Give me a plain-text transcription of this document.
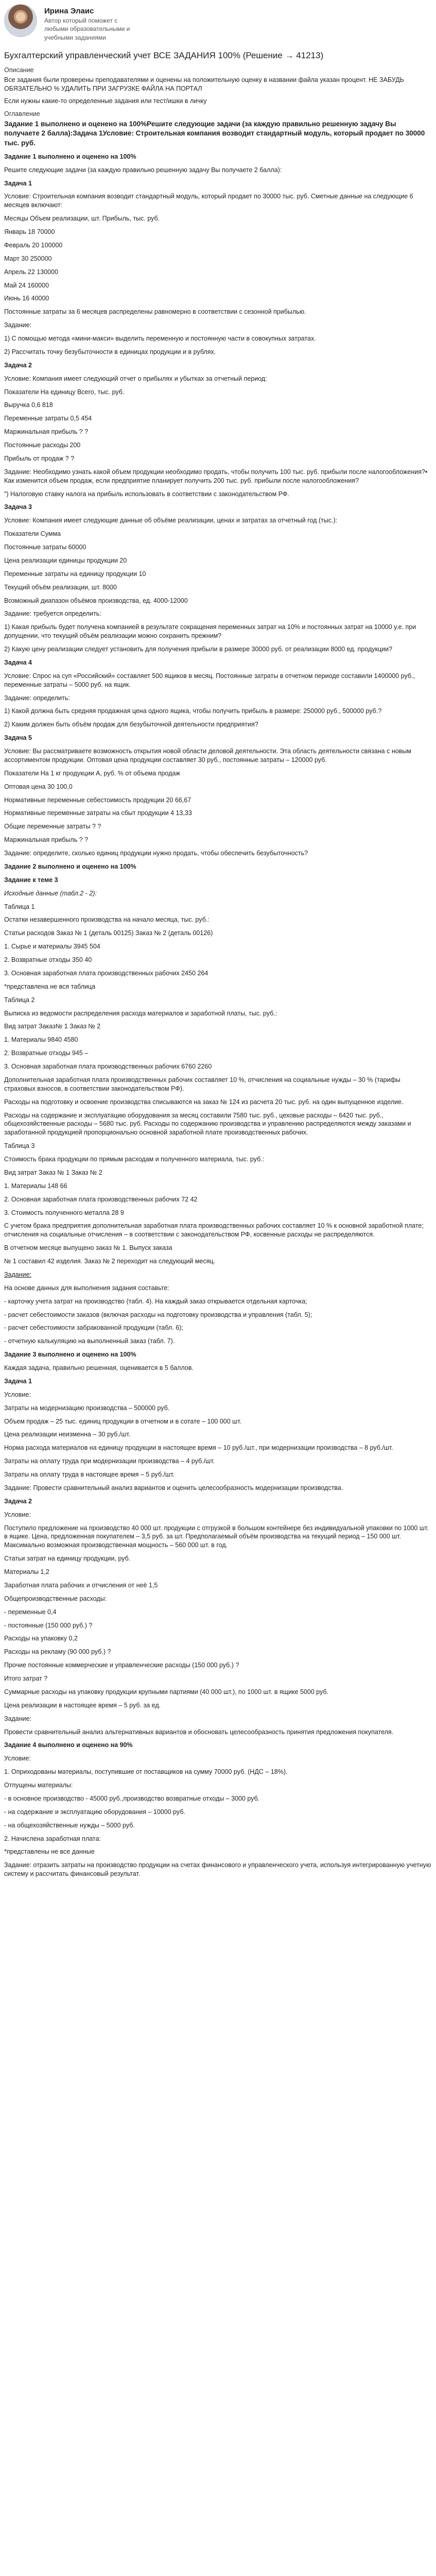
Ирина Элаис
Автор который поможет с любыми образовательными и учебными заданиями
Бухгалтерский управленческий учет ВСЕ ЗАДАНИЯ 100% (Решение → 41213)
Описание
Все задания были проверены преподавателями и оценены на положительную оценку в названии файла указан процент. НЕ ЗАБУДЬ ОБЯЗАТЕЛЬНО % УДАЛИТЬ ПРИ ЗАГРУЗКЕ ФАЙЛА НА ПОРТАЛ
Если нужны какие-то определенные задания или тест/ишки в личку
Оглавление

Задание 1 выполнено и оценено на 100%Решите следующие задачи (за каждую правильно решенную задачу Вы получаете 2 балла):Задача 1Условие: Строительная компания возводит стандартный модуль, который продает по 30000 тыс. руб.

Задание 1 выполнено и оценено на 100%

Решите следующие задачи (за каждую правильно решенную задачу Вы получаете 2 балла):

Задача 1

Условие: Строительная компания возводит стандартный модуль, который продает по 30000 тыс. руб. Сметные данные на следующие 6 месяцев включают:

Месяцы Объем реализации, шт. Прибыль, тыс. руб.

Январь 18 70000

Февраль 20 100000

Март 30 250000

Апрель 22 130000

Май 24 160000

Июнь 16 40000

Постоянные затраты за 6 месяцев распределены равномерно в соответствии с сезонной прибылью.

Задание:

1) С помощью метода «мини-макси» выделить переменную и постоянную части в совокупных затратах.

2) Рассчитать точку безубыточности в единицах продукции и в рублях.

Задача 2

Условие: Компания имеет следующий отчет о прибылях и убытках за отчетный период:

Показатели На единицу Всего, тыс. руб.

Выручка 0,6 818

Переменные затраты 0,5 454

Маржинальная прибыль ? ?

Постоянные расходы 200

Прибыль от продаж ? ?

Задание: Необходимо узнать какой объем продукции необходимо продать, чтобы получить 100 тыс. руб. прибыли после налогообложения?• Как изменится объем продаж, если предприятие планирует получить 200 тыс. руб. прибыли после налогообложения?

") Налоговую ставку налога на прибыль использовать в соответствии с законодательством РФ.

Задача 3

Условие: Компания имеет следующие данные об объёме реализации, ценах и затратах за отчетный год (тыс.):

Показатели Сумма

Постоянные затраты 60000

Цена реализации единицы продукции 20

Переменные затраты на единицу продукции 10

Текущий объём реализации, шт. 8000

Возможный диапазон объёмов производства, ед. 4000-12000

Задание: требуется определить:

1) Какая прибыль будет получена компанией в результате сокращения переменных затрат на 10% и постоянных затрат на 10000 у.е. при допущении, что текущий объём реализации можно сохранить прежним?

2) Какую цену реализации следует установить для получения прибыли в размере 30000 руб. от реализации 8000 ед. продукции?

Задача 4

Условие: Спрос на суп «Российский» составляет 500 ящиков в месяц. Постоянные затраты в отчетном периоде составили 1400000 руб., переменные затраты – 5000 руб. на ящик.

Задание: определить:

1) Какой должна быть средняя продажная цена одного ящика, чтобы получить прибыль в размере: 250000 руб., 500000 руб.?

2) Каким должен быть объём продаж для безубыточной деятельности предприятия?

Задача 5

Условие: Вы рассматриваете возможность открытия новой области деловой деятельности. Эта область деятельности связана с новым ассортиментом продукции. Оптовая цена продукции составляет 30 руб., постоянные затраты – 120000 руб.

Показатели На 1 кг продукции А, руб. % от объема продаж

Оптовая цена 30 100,0

Нормативные переменные себестоимость продукции 20 66,67

Нормативные переменные затраты на сбыт продукции 4 13,33

Общие переменные затраты ? ?

Маржинальная прибыль ? ?

Задание: определите, сколько единиц продукции нужно продать, чтобы обеспечить безубыточность?

Задание 2 выполнено и оценено на 100%

Задание к теме 3

Исходные данные (табл.2 - 2):

Таблица 1

Остатки незавершенного производства на начало месяца, тыс. руб.:

Статьи расходов Заказ № 1 (деталь 00125) Заказ № 2 (деталь 00126)

1. Сырье и материалы 3945 504

2. Возвратные отходы 350 40

3. Основная заработная плата производственных рабочих 2450 264

*представлена не вся таблица

Таблица 2

Выписка из ведомости распределения расхода материалов и заработной платы, тыс. руб.:

Вид затрат Заказ№ 1 Заказ № 2

1. Материалы 9840 4580

2. Возвратные отходы 945 –

3. Основная заработная плата производственных рабочих 6760 2260

Дополнительная заработная плата производственных рабочих составляет 10 %, отчисления на социальные нужды – 30 % (тарифы страховых взносов, в соответствии законодательством РФ).

Расходы на подготовку и освоение производства списываются на заказ № 124 из расчета 20 тыс. руб. на один выпущенное изделие.

Расходы на содержание и эксплуатацию оборудования за месяц составили 7580 тыс. руб., цеховые расходы – 6420 тыс. руб., общехозяйственные расходы – 5680 тыс. руб. Расходы по содержанию производства и управлению распределяются между заказами и заработанной продукцией пропорционально основной заработной плате производственных рабочих.

Таблица 3

Стоимость брака продукции по прямым расходам и полученного материала, тыс. руб.:

Вид затрат Заказ № 1 Заказ № 2

1. Материалы 148 66

2. Основная заработная плата производственных рабочих 72 42

3. Стоимость полученного металла 28 9

С учетом брака предприятия дополнительная заработная плата производственных рабочих составляет 10 % к основной заработной плате; отчисления на социальные отчисления – в соответствии с законодательством РФ, косвенные расходы не распределяются.

В отчетном месяце выпущено заказ № 1. Выпуск заказа

№ 1 составил 42 изделия. Заказ № 2 переходит на следующий месяц.

Задание:

На основе данных для выполнения задания составьте:

- карточку учета затрат на производство (табл. 4). На каждый заказ открывается отдельная карточка;

- расчет себестоимости заказов (включая расходы на подготовку производства и управления (табл. 5);

- расчет себестоимости забракованной продукции (табл. 6);

- отчетную калькуляцию на выполненный заказ (табл. 7).

Задание 3 выполнено и оценено на 100%

Каждая задача, правильно решенная, оценивается в 5 баллов.

Задача 1

Условие:

Затраты на модернизацию производства – 500000 руб.

Объем продаж – 25 тыс. единиц продукции в отчетном и в сотате – 100 000 шт.

Цена реализации неизменна – 30 руб./шт.

Норма расхода материалов на единицу продукции в настоящее время – 10 руб./шт., при модернизации производства – 8 руб./шт.

Затраты на оплату труда при модернизации производства – 4 руб./шт.

Затраты на оплату труда в настоящее время – 5 руб./шт.

Задание: Провести сравнительный анализ вариантов и оценить целесообразность модернизации производства.

Задача 2

Условие:

Поступило предложение на производство 40 000 шт. продукции с отгрузкой в большом контейнере без индивидуальной упаковки по 1000 шт. в ящике. Цена, предложенная покупателем – 3,5 руб. за шт. Предполагаемый объём производства на текущий период – 150 000 шт. Максимально возможная производственная мощность – 560 000 шт. в год.

Статьи затрат на единицу продукции, руб.

Материалы 1,2

Заработная плата рабочих и отчисления от неё 1,5

Общепроизводственные расходы:

- переменные 0,4

- постоянные (150 000 руб.) ?

Расходы на упаковку 0,2

Расходы на рекламу (90 000 руб.) ?

Прочие постоянные коммерческие и управленческие расходы (150 000 руб.) ?

Итого затрат ?

Суммарные расходы на упаковку продукции крупными партиями (40 000 шт.), по 1000 шт. в ящике 5000 руб.

Цена реализации в настоящее время – 5 руб. за ед.

Задание:

Провести сравнительный анализ альтернативных вариантов и обосновать целесообразность принятия предложения покупателя.

Задание 4 выполнено и оценено на 90%

Условие:

1. Оприходованы материалы, поступившие от поставщиков на сумму 70000 руб. (НДС – 18%).

Отпущены материалы:

- в основное производство - 45000 руб.,производство возвратные отходы – 3000 руб.

- на содержание и эксплуатацию оборудования – 10000 руб.

- на общехозяйственные нужды – 5000 руб.

2. Начислена заработная плата:

*представлены не все данные

Задание: отразить затраты на производство продукции на счетах финансового и управленческого учета, используя интегрированную учетную систему и рассчитать финансовый результат.
